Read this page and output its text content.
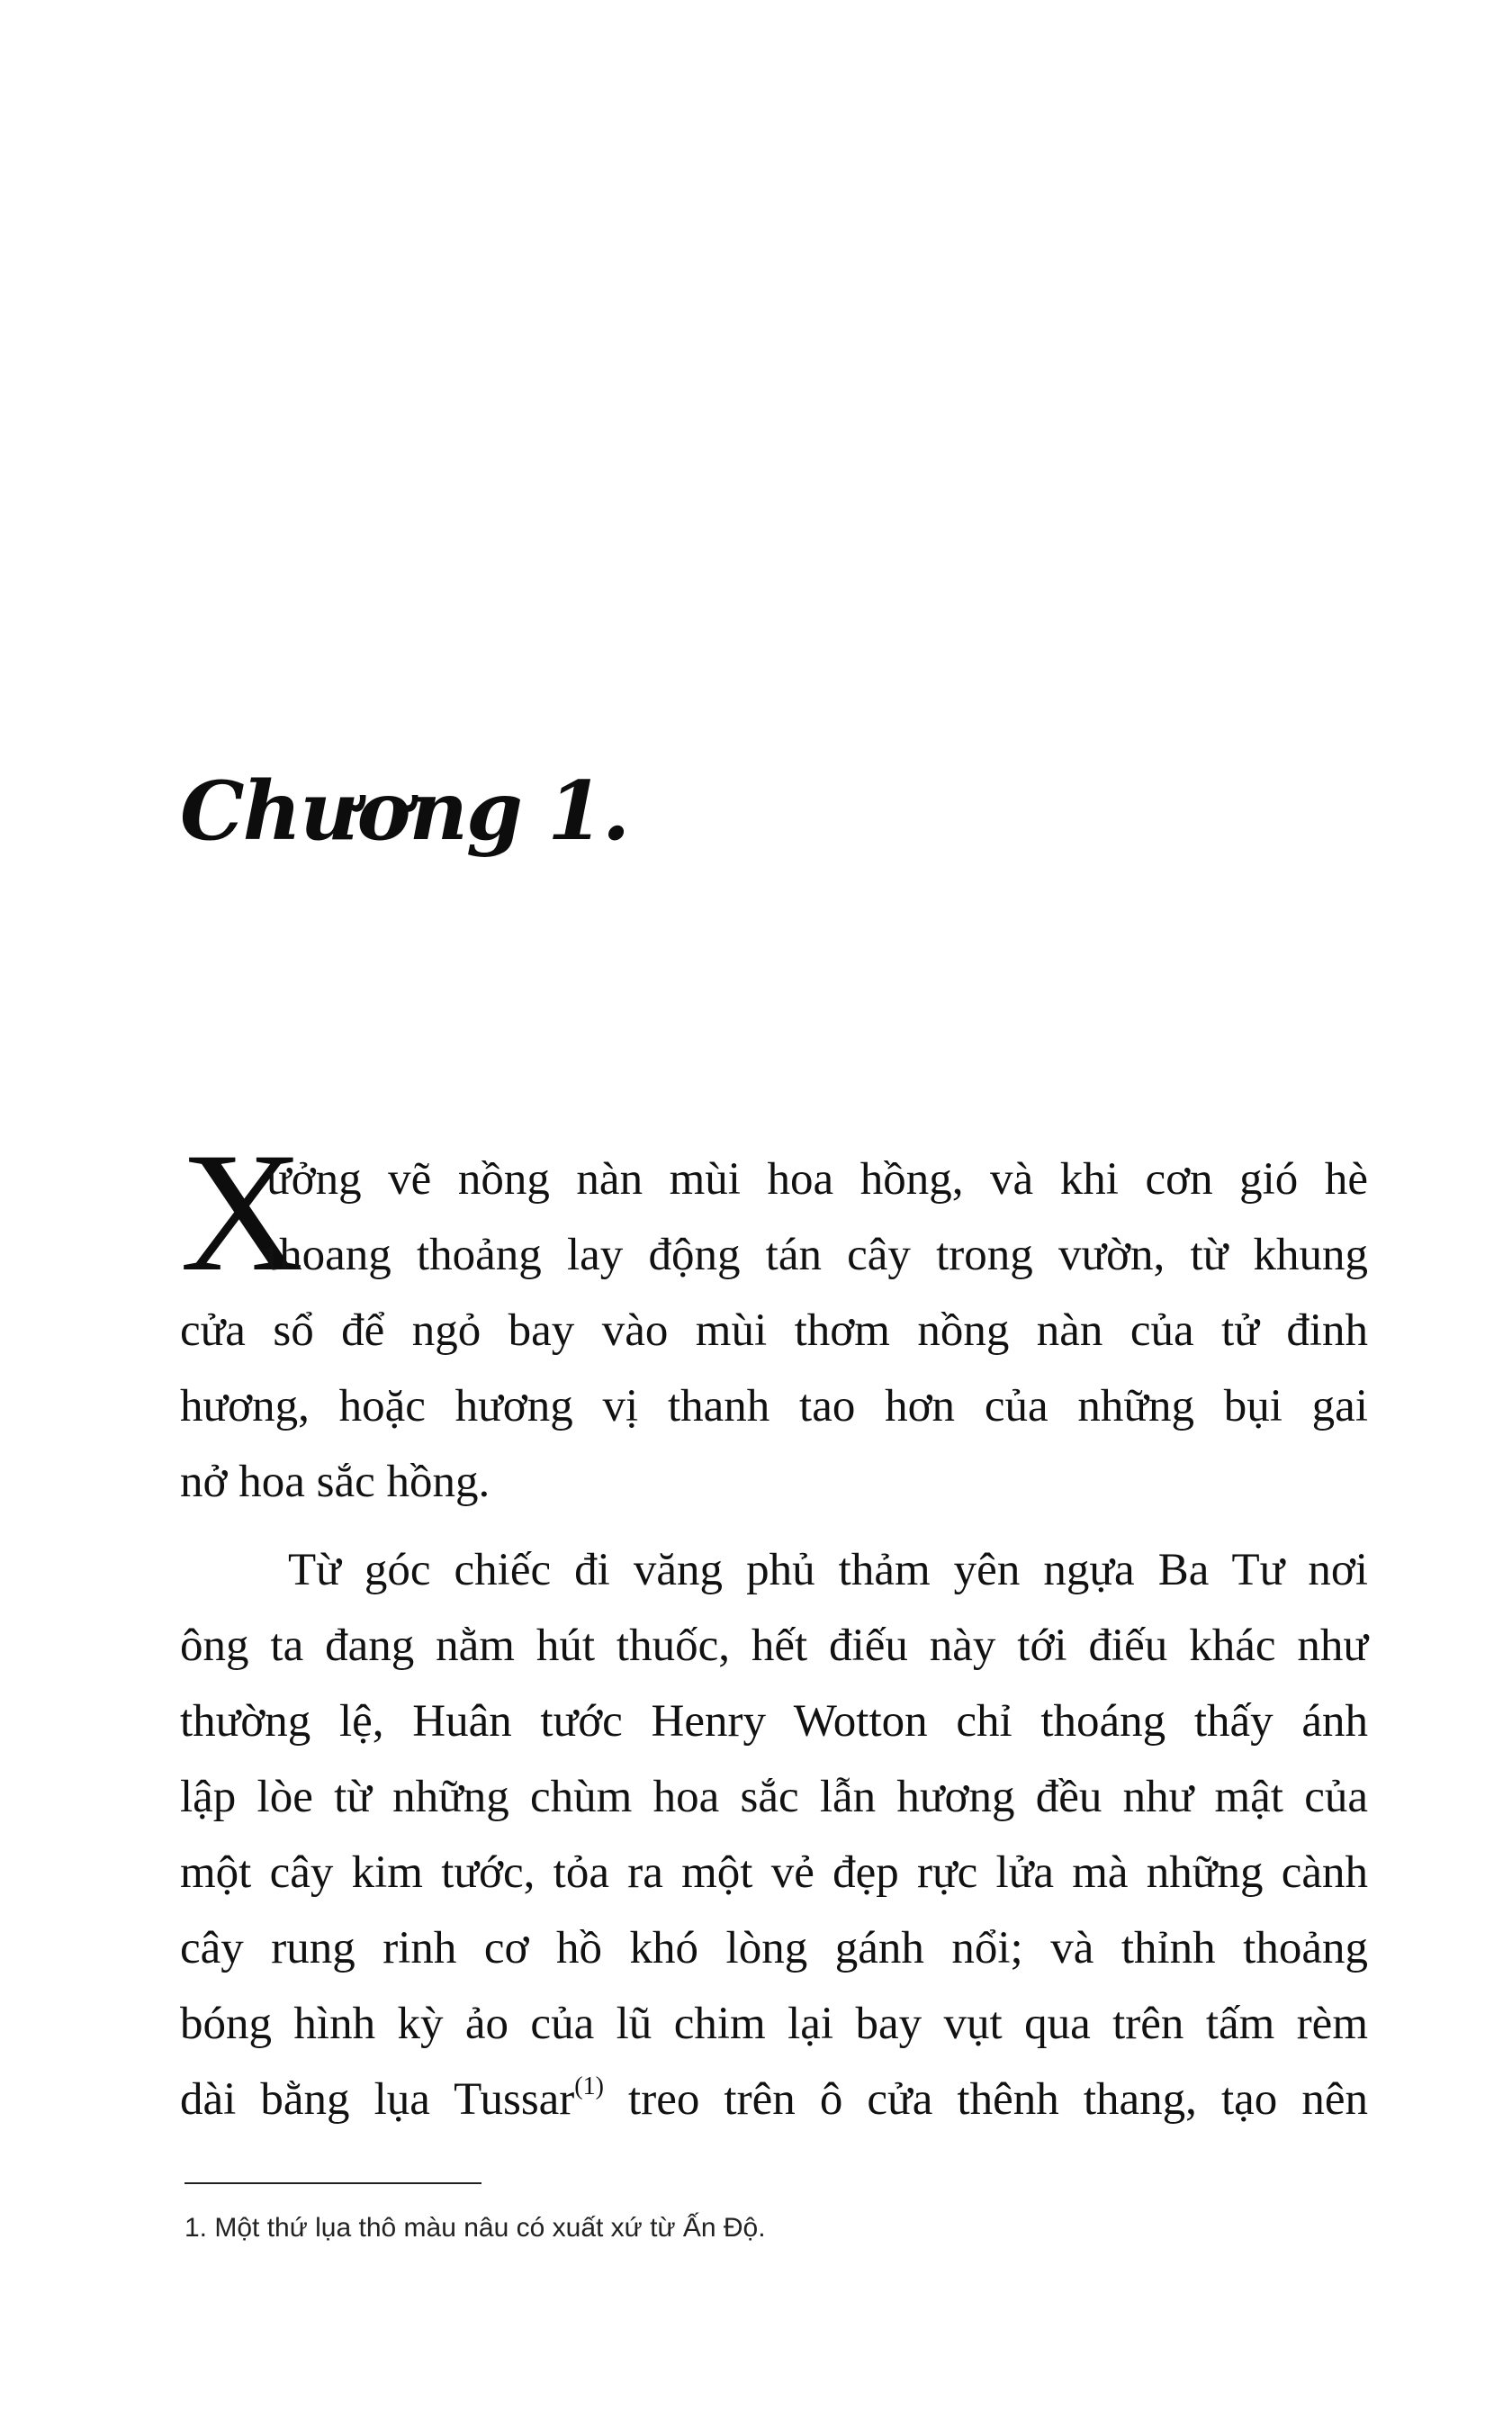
Chương 1.
X
ưởng vẽ nồng nàn mùi hoa hồng, và khi cơn gió hè
thoang thoảng lay động tán cây trong vườn, từ khung
cửa sổ để ngỏ bay vào mùi thơm nồng nàn của tử đinh
hương, hoặc hương vị thanh tao hơn của những bụi gai
nở hoa sắc hồng.
Từ góc chiếc đi văng phủ thảm yên ngựa Ba Tư nơi
ông ta đang nằm hút thuốc, hết điếu này tới điếu khác như
thường lệ, Huân tước Henry Wotton chỉ thoáng thấy ánh
lập lòe từ những chùm hoa sắc lẫn hương đều như mật của
một cây kim tước, tỏa ra một vẻ đẹp rực lửa mà những cành
cây rung rinh cơ hồ khó lòng gánh nổi; và thỉnh thoảng
bóng hình kỳ ảo của lũ chim lại bay vụt qua trên tấm rèm
dài bằng lụa Tussar$^{(1)}$ treo trên ô cửa thênh thang, tạo nên
1. Một thứ lụa thô màu nâu có xuất xứ từ Ấn Độ.
